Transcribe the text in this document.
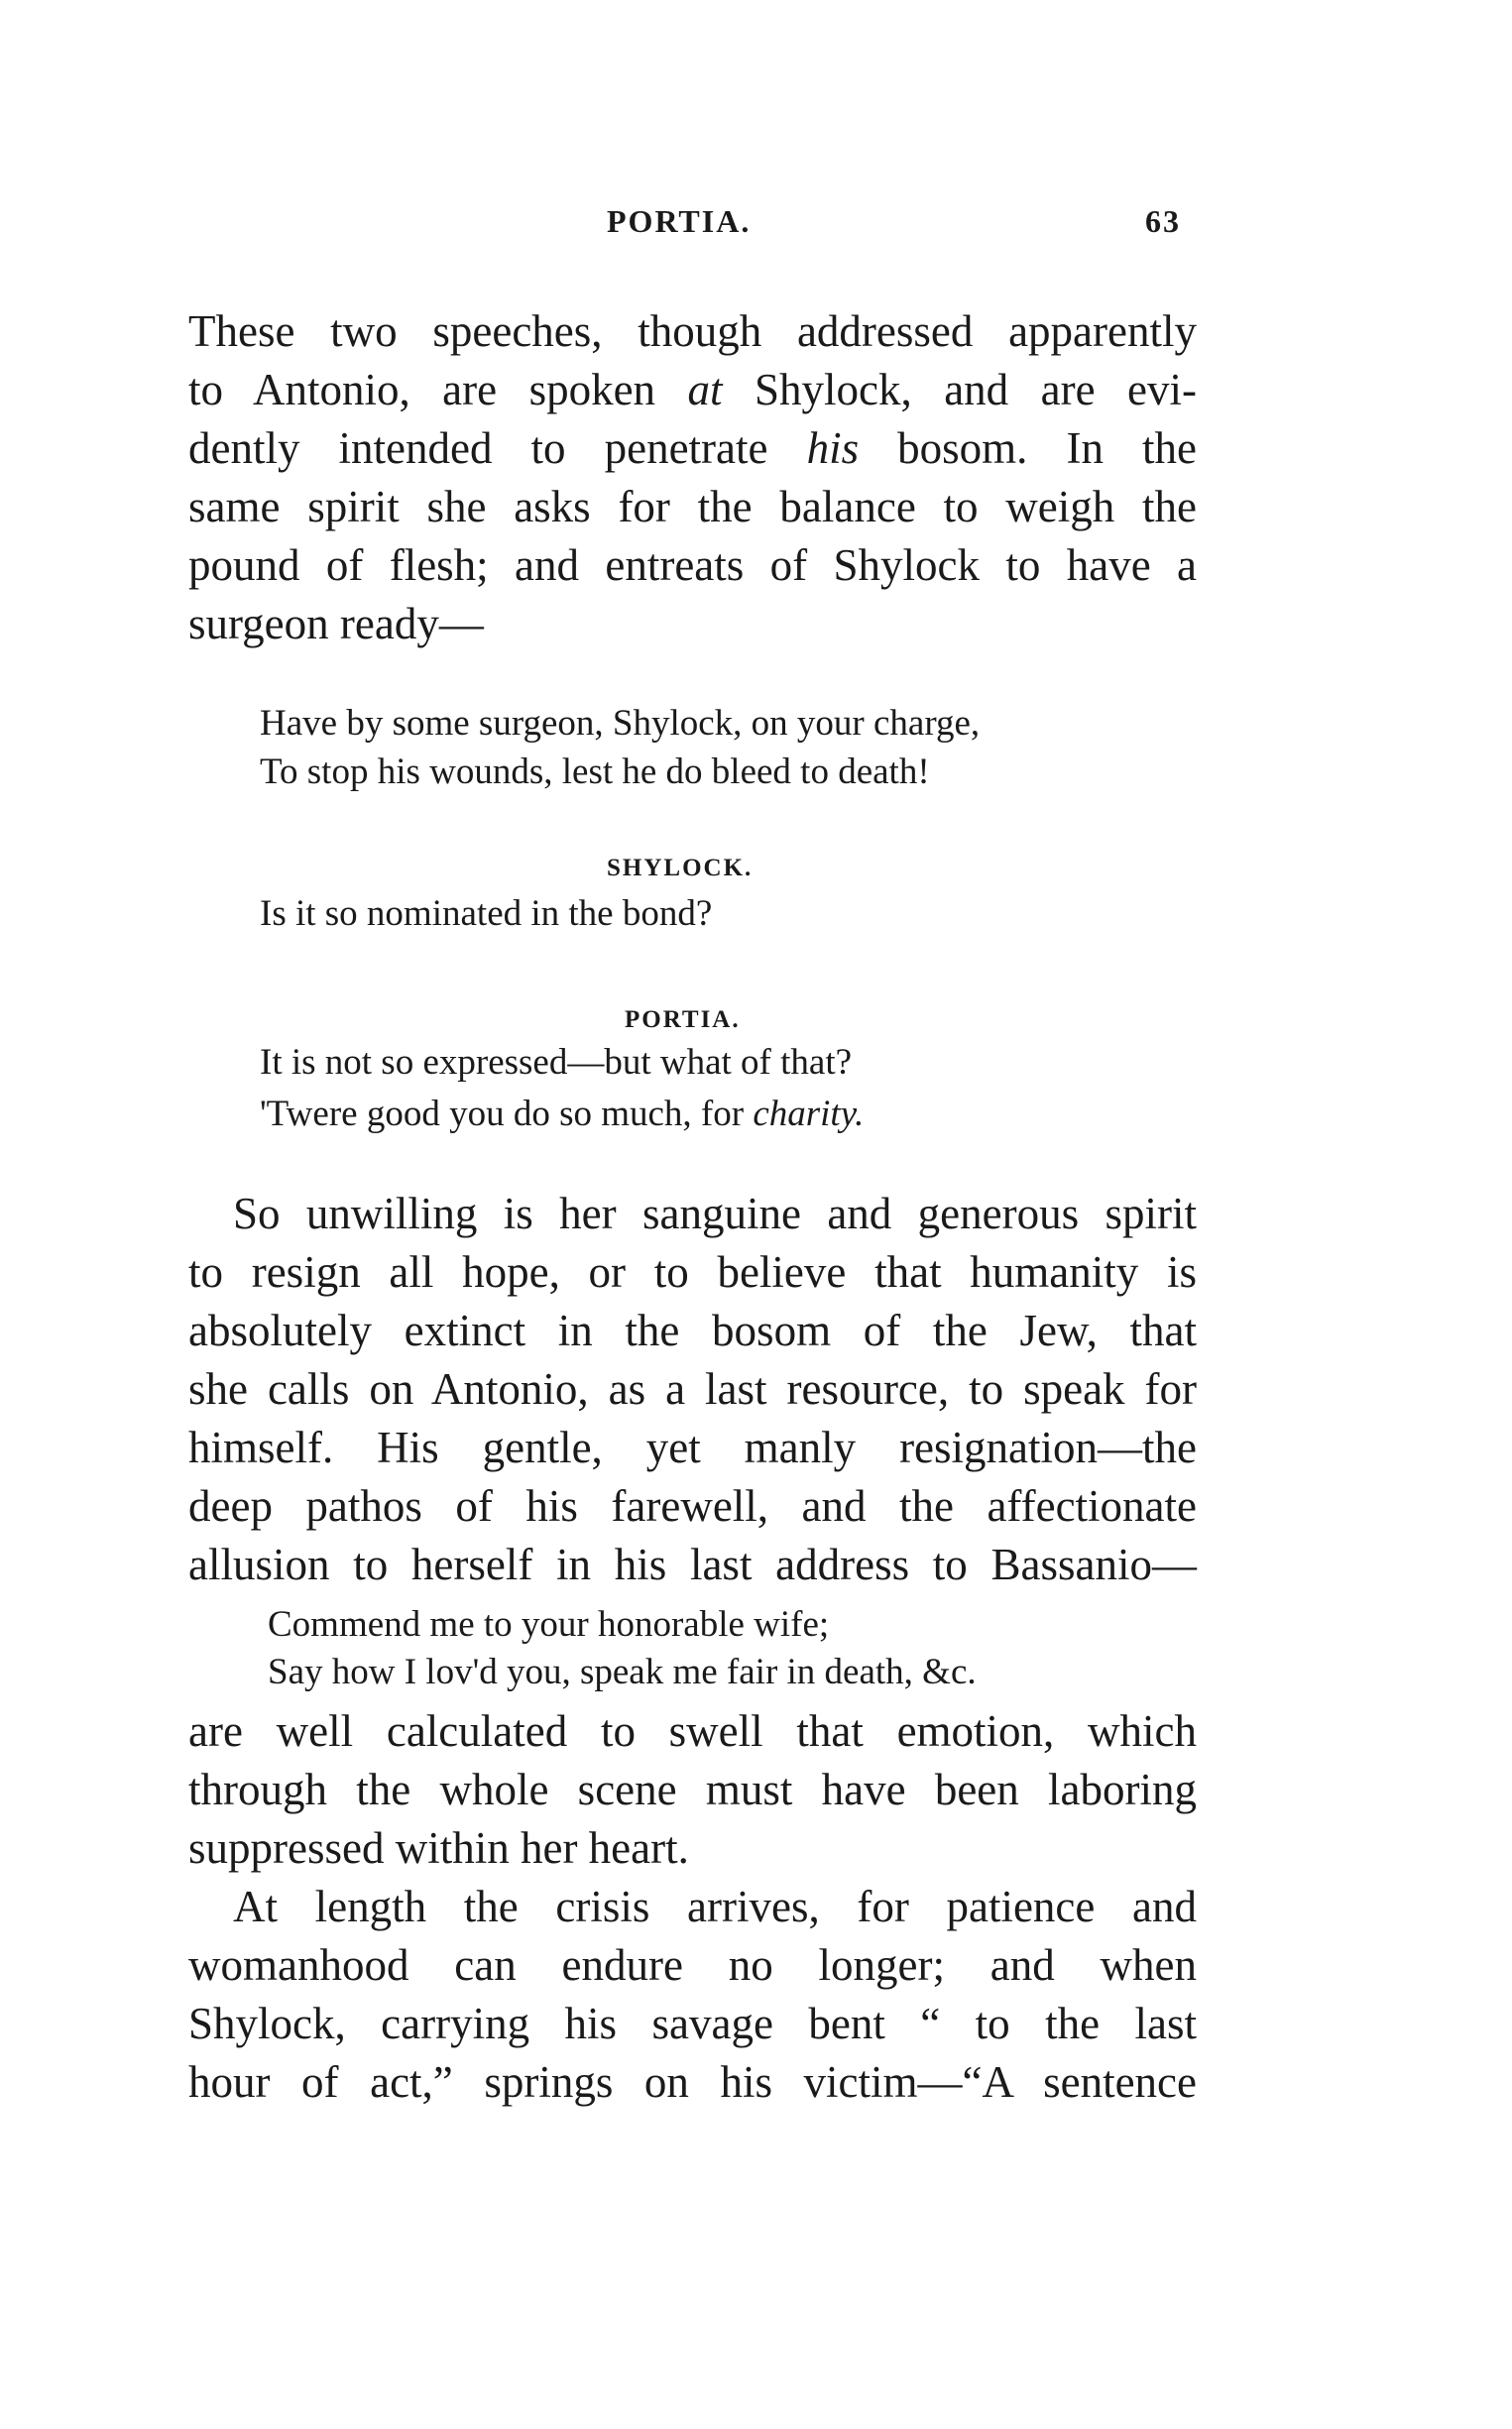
PORTIA.	63
These two speeches, though addressed apparently
to Antonio, are spoken at Shylock, and are evi-
dently intended to penetrate his bosom. In the
same spirit she asks for the balance to weigh the
pound of flesh; and entreats of Shylock to have a
surgeon ready—
Have by some surgeon, Shylock, on your charge,
To stop his wounds, lest he do bleed to death!
SHYLOCK.
Is it so nominated in the bond?
PORTIA.
It is not so expressed—but what of that?
'Twere good you do so much, for charity.
So unwilling is her sanguine and generous spirit
to resign all hope, or to believe that humanity is
absolutely extinct in the bosom of the Jew, that
she calls on Antonio, as a last resource, to speak for
himself. His gentle, yet manly resignation—the
deep pathos of his farewell, and the affectionate
allusion to herself in his last address to Bassanio—
Commend me to your honorable wife;
Say how I lov'd you, speak me fair in death, &c.
are well calculated to swell that emotion, which
through the whole scene must have been laboring
suppressed within her heart.
At length the crisis arrives, for patience and
womanhood can endure no longer; and when
Shylock, carrying his savage bent “ to the last
hour of act,” springs on his victim—“A sentence
